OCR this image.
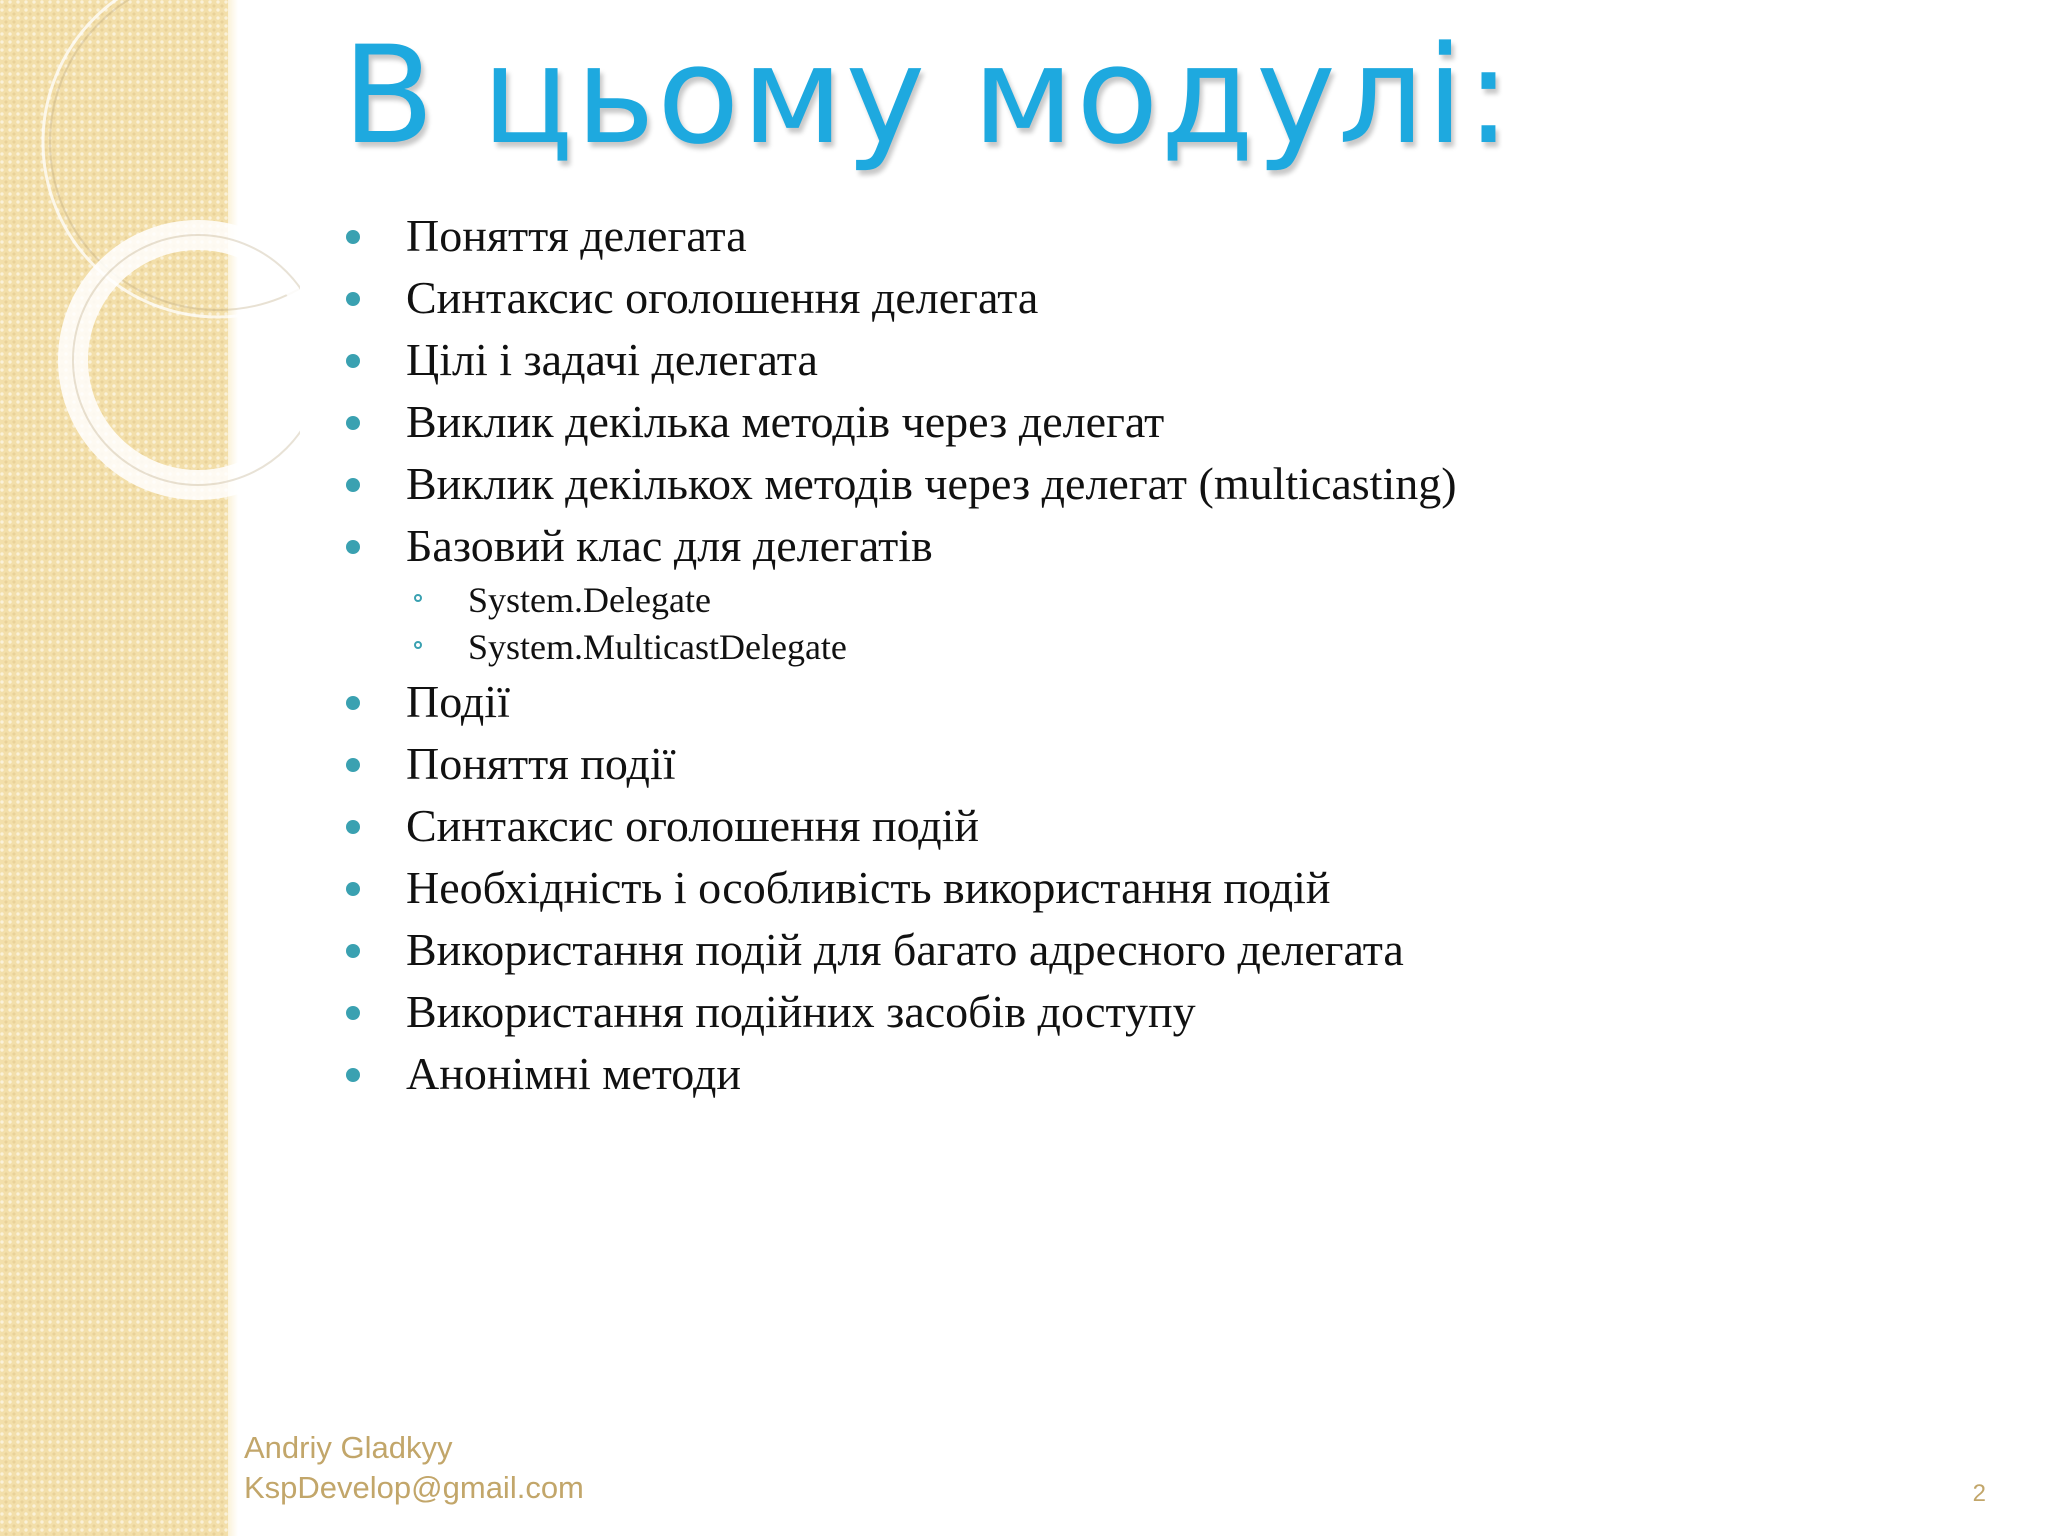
В цьому модулі:
Поняття делегата
Синтаксис оголошення делегата
Цілі і задачі делегата
Виклик декілька методів через делегат
Виклик декількох методів через делегат (multicasting)
Базовий клас для делегатів
System.Delegate
System.MulticastDelegate
Події
Поняття події
Синтаксис оголошення подій
Необхідність і особливість використання подій
Використання подій для багато адресного делегата
Використання подійних засобів доступу
Анонімні методи
Andriy Gladkyy
KspDevelop@gmail.com	2
